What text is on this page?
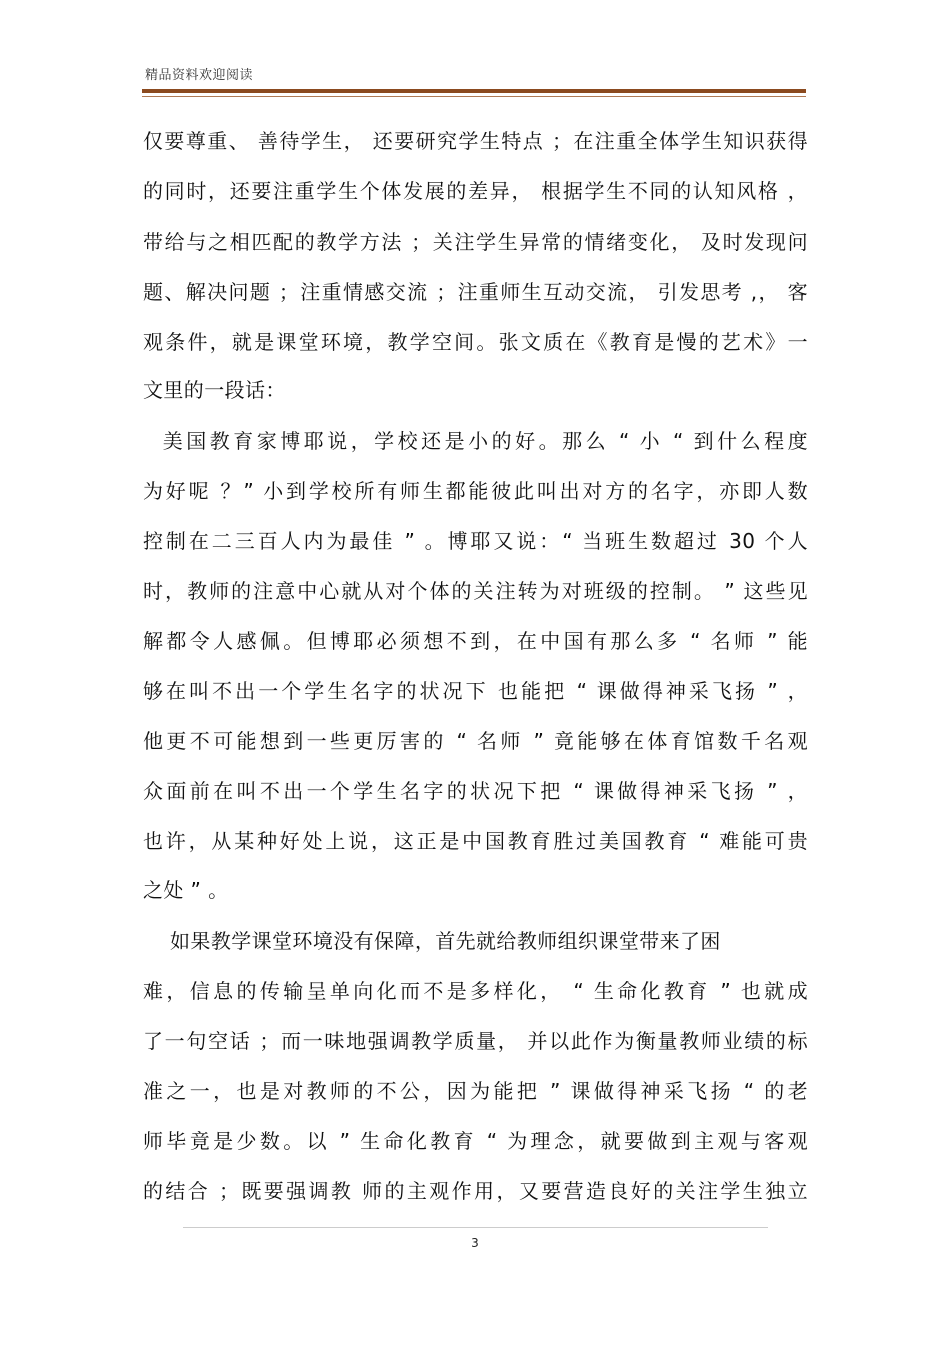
精品资料欢迎阅读
仅要尊重、 善待学生， 还要研究学生特点 ；在注重全体学生知识获得
的同时，还要注重学生个体发展的差异， 根据学生不同的认知风格 ，
带给与之相匹配的教学方法 ；关注学生异常的情绪变化， 及时发现问
题、解决问题 ；注重情感交流 ；注重师生互动交流， 引发思考 ,， 客
观条件，就是课堂环境，教学空间。张文质在《教育是慢的艺术》一
文里的一段话：
美国教育家博耶说，学校还是小的好。那么 “ 小 “ 到什么程度
为好呢 ？” 小到学校所有师生都能彼此叫出对方的名字，亦即人数
控制在二三百人内为最佳 ” 。博耶又说：“ 当班生数超过 30 个人
时，教师的注意中心就从对个体的关注转为对班级的控制。 ” 这些见
解都令人感佩。但博耶必须想不到，在中国有那么多 “ 名师 ” 能
够在叫不出一个学生名字的状况下 也能把 “ 课做得神采飞扬 ” ，
他更不可能想到一些更厉害的 “ 名师 ” 竟能够在体育馆数千名观
众面前在叫不出一个学生名字的状况下把 “ 课做得神采飞扬 ” ，
也许，从某种好处上说，这正是中国教育胜过美国教育 “ 难能可贵
之处 ” 。
如果教学课堂环境没有保障，首先就给教师组织课堂带来了困
难，信息的传输呈单向化而不是多样化， “ 生命化教育 ” 也就成
了一句空话 ；而一味地强调教学质量， 并以此作为衡量教师业绩的标
准之一，也是对教师的不公，因为能把 ” 课做得神采飞扬 “ 的老
师毕竟是少数。以 ” 生命化教育 “ 为理念，就要做到主观与客观
的结合 ；既要强调教 师的主观作用，又要营造良好的关注学生独立
3
